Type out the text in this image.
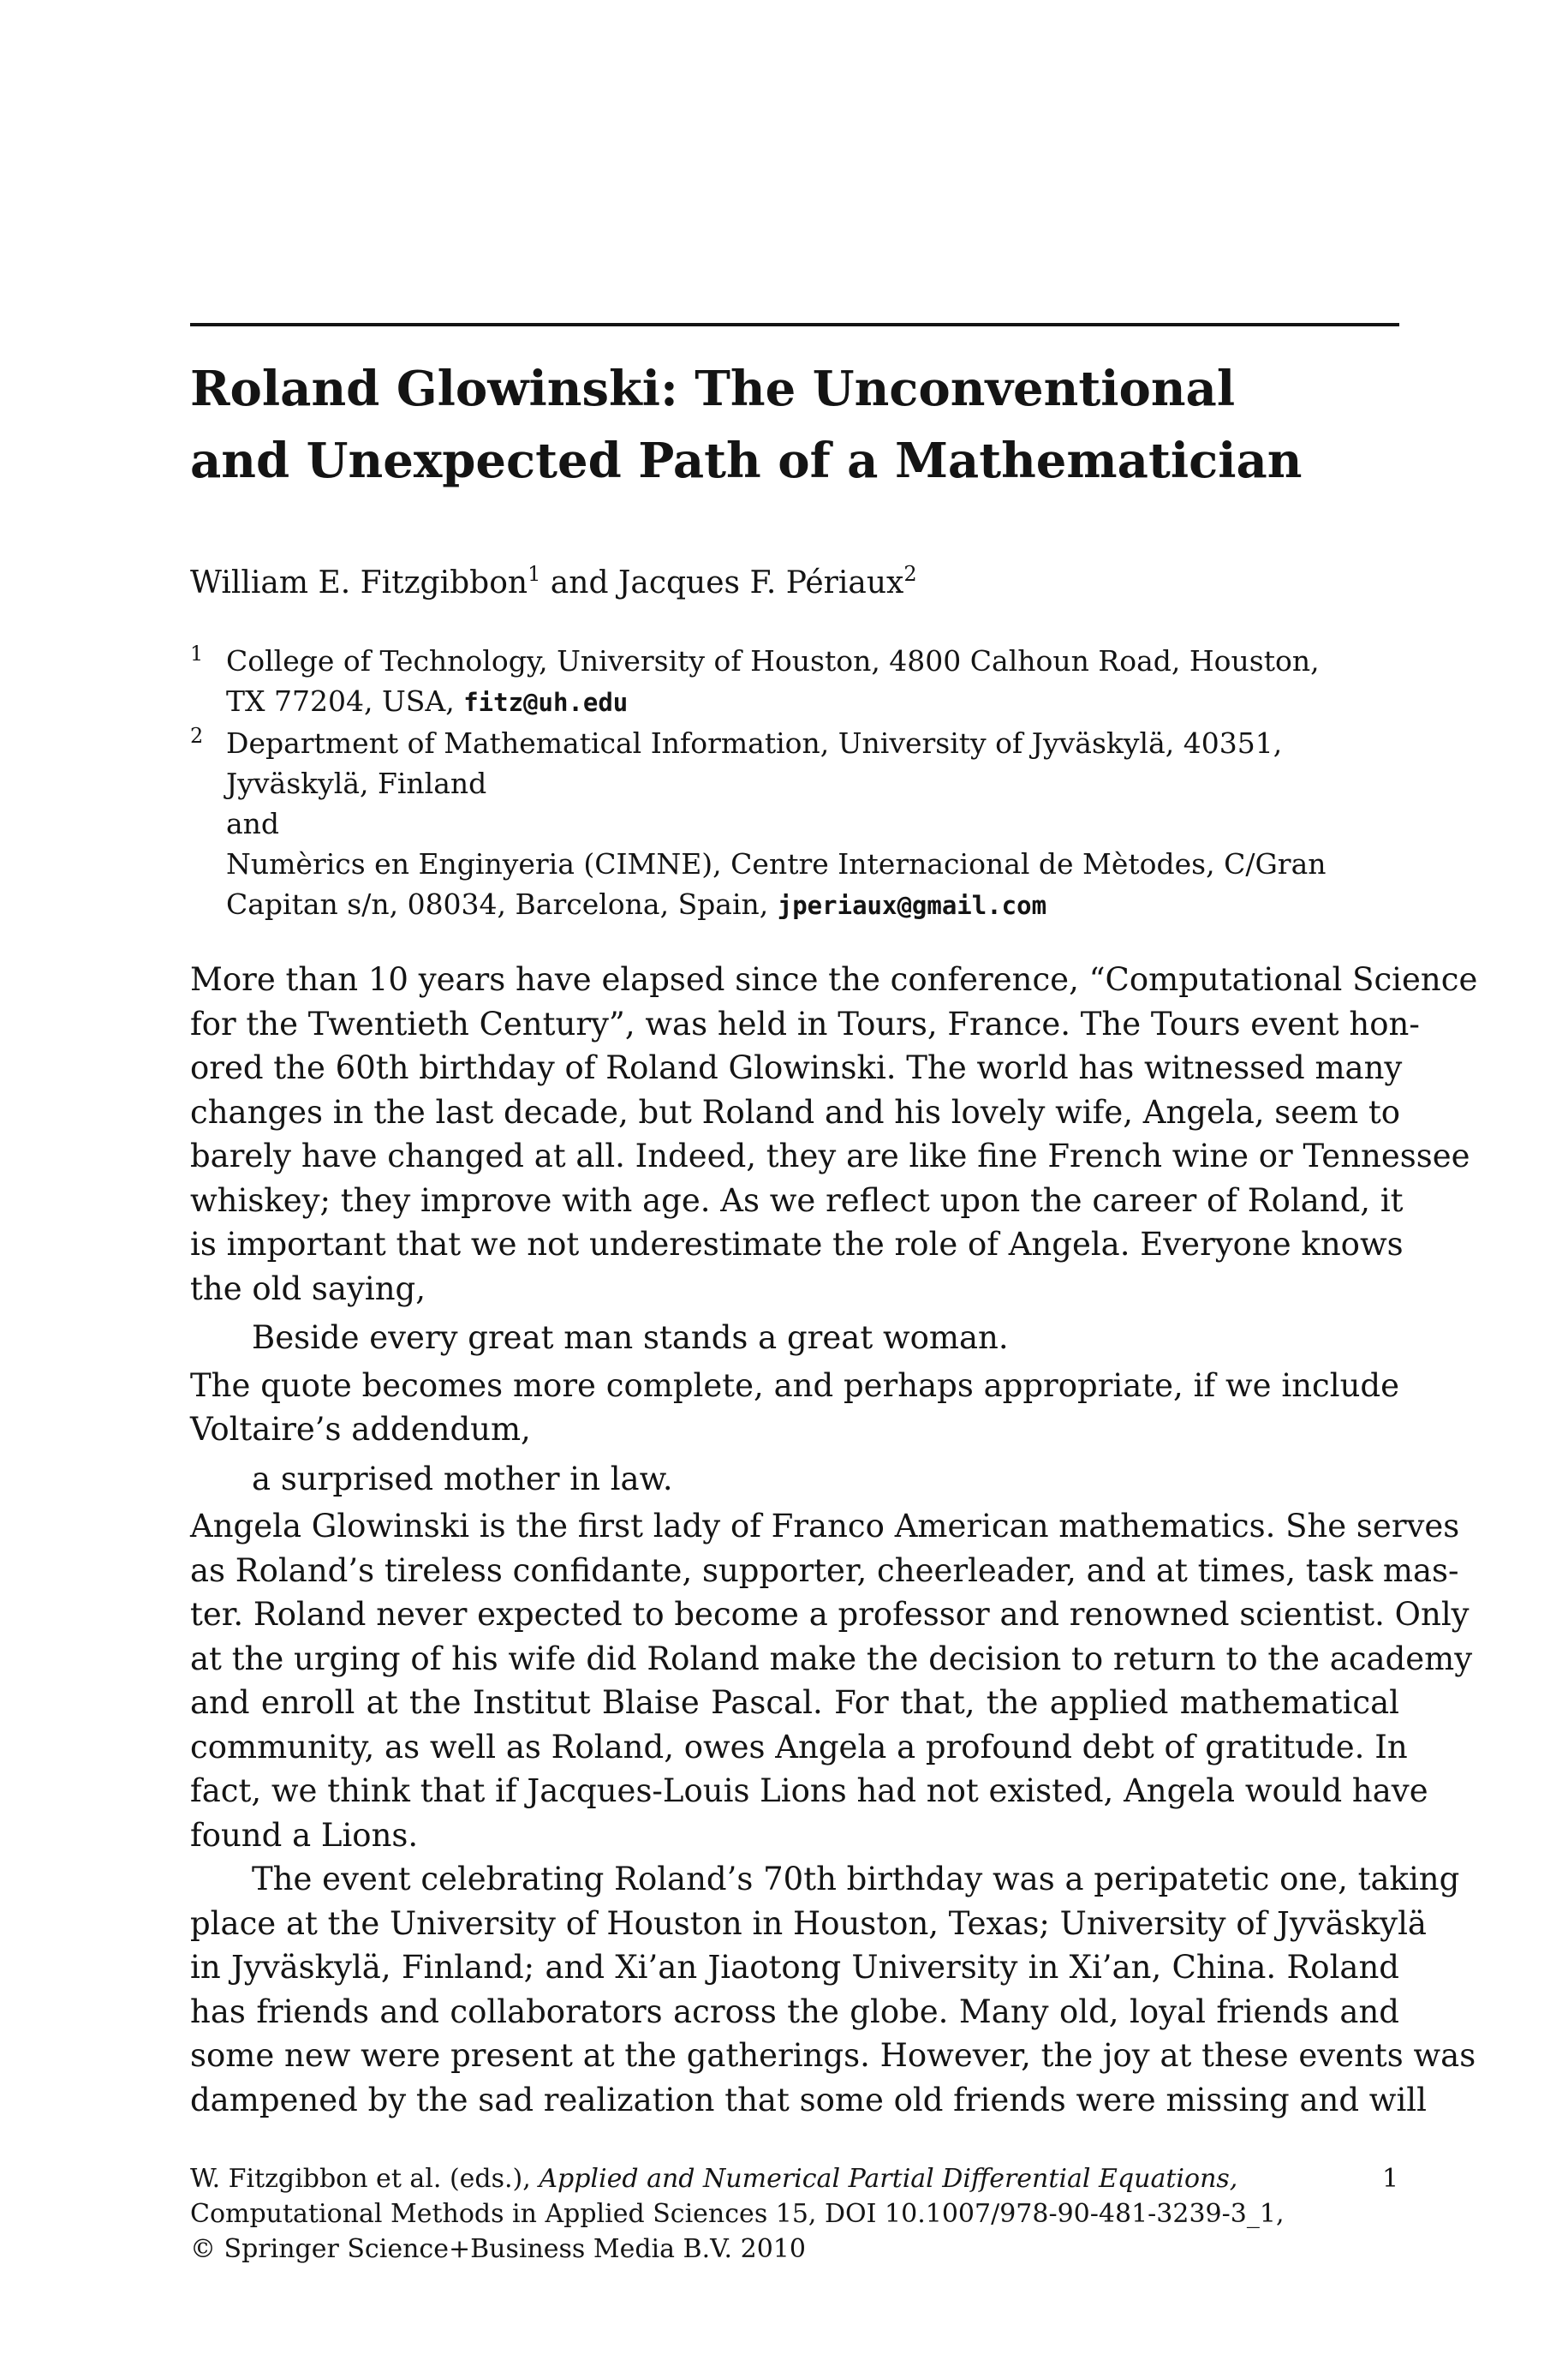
Roland Glowinski: The Unconventional
and Unexpected Path of a Mathematician
William E. Fitzgibbon$^1$ and Jacques F. Périaux$^2$
1 College of Technology, University of Houston, 4800 Calhoun Road, Houston,
TX 77204, USA, fitz@uh.edu
2 Department of Mathematical Information, University of Jyväskylä, 40351,
Jyväskylä, Finland
and
Numèrics en Enginyeria (CIMNE), Centre Internacional de Mètodes, C/Gran
Capitan s/n, 08034, Barcelona, Spain, jperiaux@gmail.com
More than 10 years have elapsed since the conference, “Computational Science
for the Twentieth Century”, was held in Tours, France. The Tours event hon-
ored the 60th birthday of Roland Glowinski. The world has witnessed many
changes in the last decade, but Roland and his lovely wife, Angela, seem to
barely have changed at all. Indeed, they are like fine French wine or Tennessee
whiskey; they improve with age. As we reflect upon the career of Roland, it
is important that we not underestimate the role of Angela. Everyone knows
the old saying,
Beside every great man stands a great woman.
The quote becomes more complete, and perhaps appropriate, if we include
Voltaire’s addendum,
a surprised mother in law.
Angela Glowinski is the first lady of Franco American mathematics. She serves
as Roland’s tireless confidante, supporter, cheerleader, and at times, task mas-
ter. Roland never expected to become a professor and renowned scientist. Only
at the urging of his wife did Roland make the decision to return to the academy
and enroll at the Institut Blaise Pascal. For that, the applied mathematical
community, as well as Roland, owes Angela a profound debt of gratitude. In
fact, we think that if Jacques-Louis Lions had not existed, Angela would have
found a Lions.
The event celebrating Roland’s 70th birthday was a peripatetic one, taking
place at the University of Houston in Houston, Texas; University of Jyväskylä
in Jyväskylä, Finland; and Xi’an Jiaotong University in Xi’an, China. Roland
has friends and collaborators across the globe. Many old, loyal friends and
some new were present at the gatherings. However, the joy at these events was
dampened by the sad realization that some old friends were missing and will
W. Fitzgibbon et al. (eds.), Applied and Numerical Partial Differential Equations,
Computational Methods in Applied Sciences 15, DOI 10.1007/978-90-481-3239-3_1,
© Springer Science+Business Media B.V. 2010
1
